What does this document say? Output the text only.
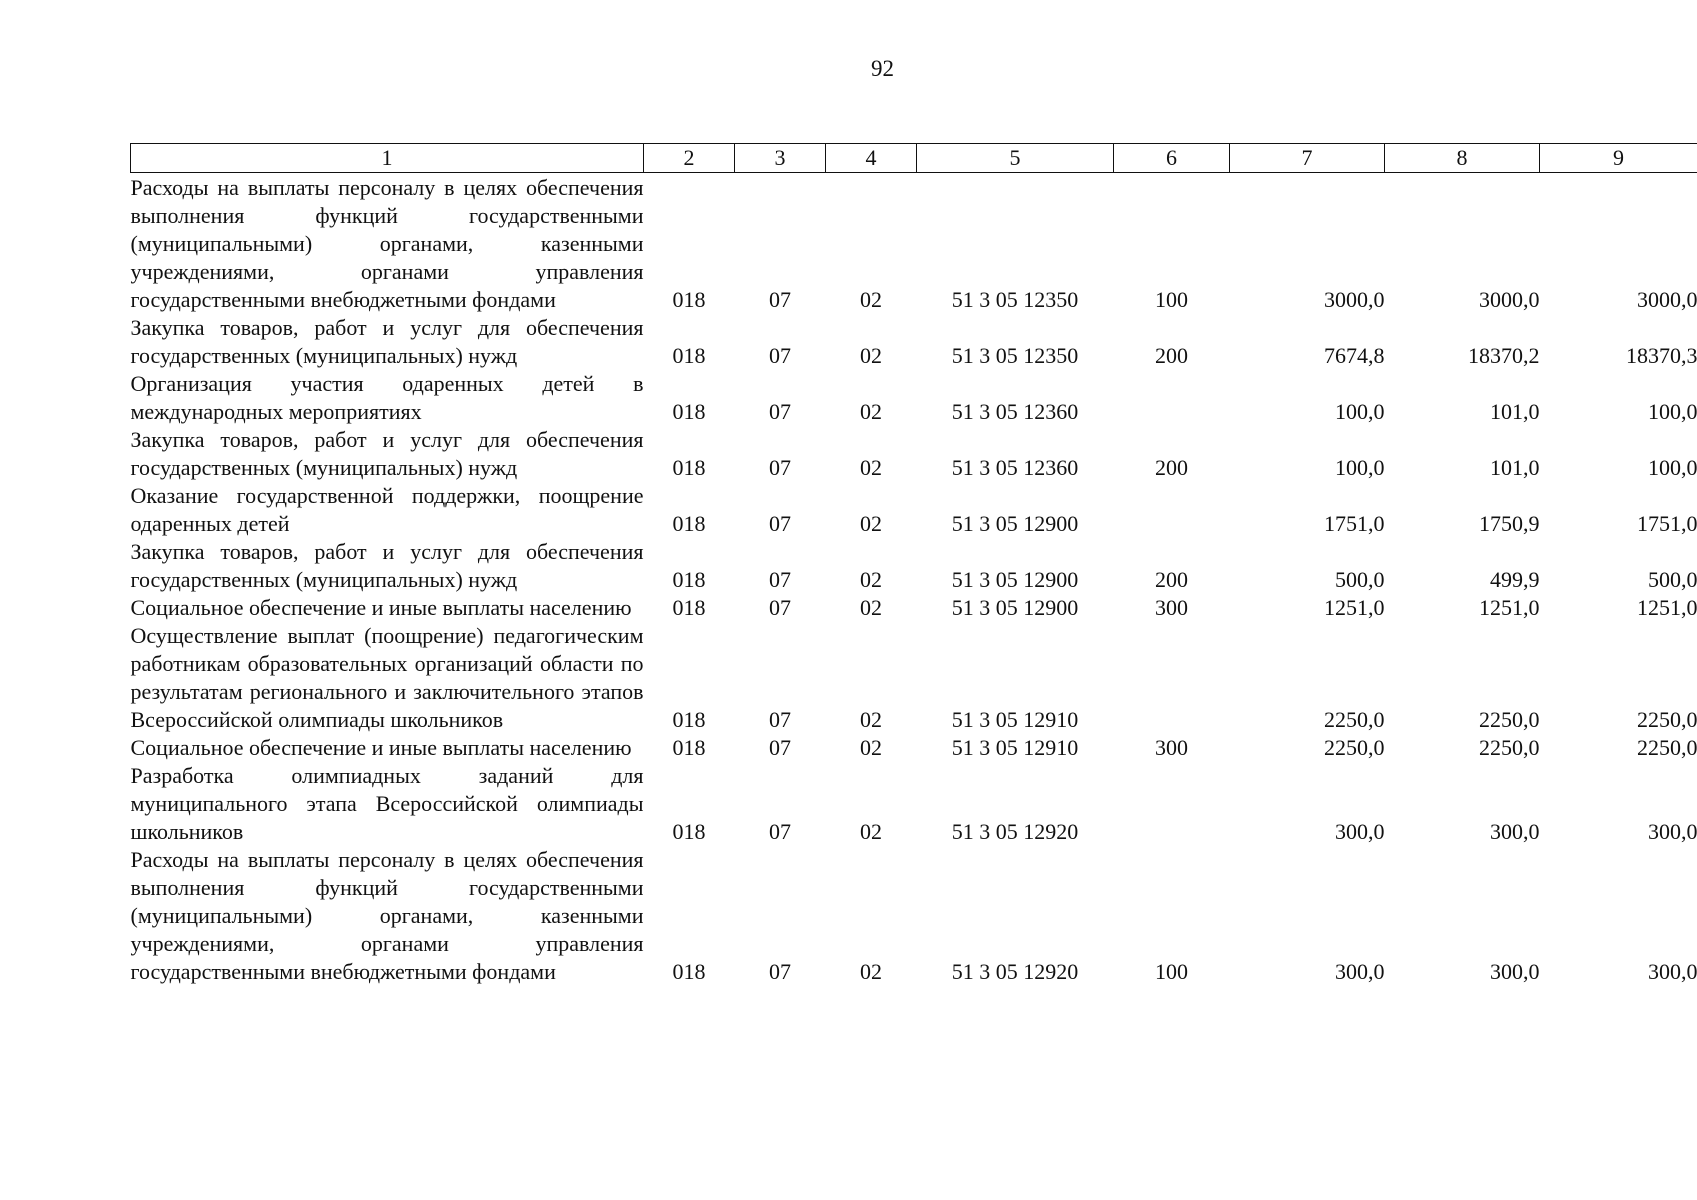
92
1	2	3	4	5	6	7	8	9
Расходы на выплаты персоналу в целях обеспечения выполнения функций государственными (муниципальными) органами, казенными учреждениями, органами управления государственными внебюджетными фондами	018	07	02	51 3 05 12350	100	3000,0	3000,0	3000,0
Закупка товаров, работ и услуг для обеспечения государственных (муниципальных) нужд	018	07	02	51 3 05 12350	200	7674,8	18370,2	18370,3
Организация участия одаренных детей в международных мероприятиях	018	07	02	51 3 05 12360		100,0	101,0	100,0
Закупка товаров, работ и услуг для обеспечения государственных (муниципальных) нужд	018	07	02	51 3 05 12360	200	100,0	101,0	100,0
Оказание государственной поддержки, поощрение одаренных детей	018	07	02	51 3 05 12900		1751,0	1750,9	1751,0
Закупка товаров, работ и услуг для обеспечения государственных (муниципальных) нужд	018	07	02	51 3 05 12900	200	500,0	499,9	500,0
Социальное обеспечение и иные выплаты населению	018	07	02	51 3 05 12900	300	1251,0	1251,0	1251,0
Осуществление выплат (поощрение) педагогическим работникам образовательных организаций области по результатам регионального и заключительного этапов Всероссийской олимпиады школьников	018	07	02	51 3 05 12910		2250,0	2250,0	2250,0
Социальное обеспечение и иные выплаты населению	018	07	02	51 3 05 12910	300	2250,0	2250,0	2250,0
Разработка олимпиадных заданий для муниципального этапа Всероссийской олимпиады школьников	018	07	02	51 3 05 12920		300,0	300,0	300,0
Расходы на выплаты персоналу в целях обеспечения выполнения функций государственными (муниципальными) органами, казенными учреждениями, органами управления государственными внебюджетными фондами	018	07	02	51 3 05 12920	100	300,0	300,0	300,0
